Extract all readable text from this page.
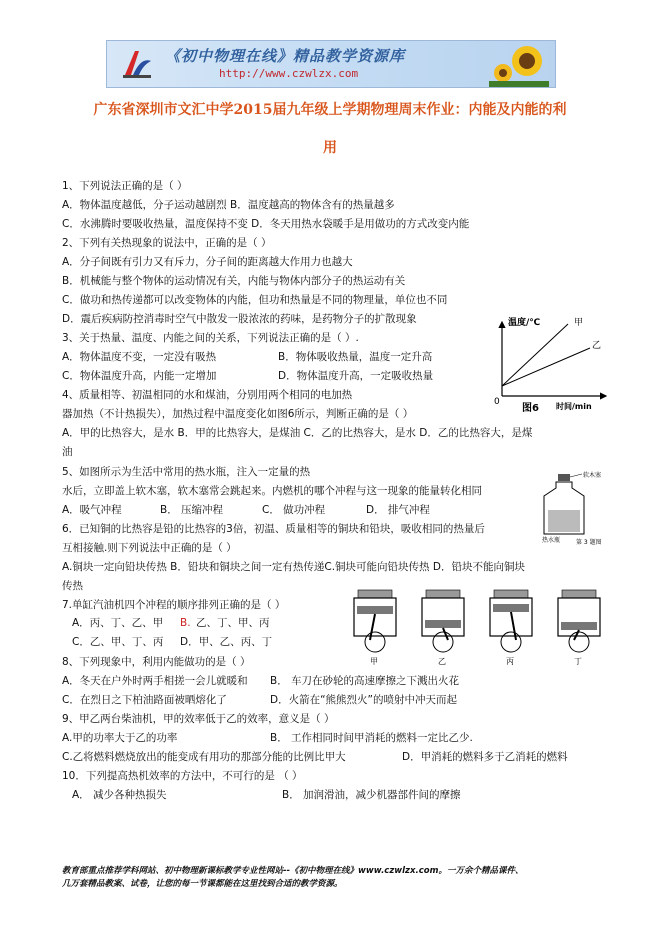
《初中物理在线》精品教学资源库
http://www.czwlzx.com
广东省深圳市文汇中学2015届九年级上学期物理周末作业：内能及内能的利
用
1、下列说法正确的是（ ）
A．物体温度越低，分子运动越剧烈 B．温度越高的物体含有的热量越多
C．水沸腾时要吸收热量，温度保持不变 D．冬天用热水袋暖手是用做功的方式改变内能
2、下列有关热现象的说法中，正确的是（ ）
A．分子间既有引力又有斥力，分子间的距离越大作用力也越大
B．机械能与整个物体的运动情况有关，内能与物体内部分子的热运动有关
C．做功和热传递都可以改变物体的内能，但功和热量是不同的物理量，单位也不同
D．震后疾病防控消毒时空气中散发一股浓浓的药味，是药物分子的扩散现象
3、关于热量、温度、内能之间的关系，下列说法正确的是（ ）.
A．物体温度不变，一定没有吸热	B．物体吸收热量，温度一定升高
C．物体温度升高，内能一定增加	D．物体温度升高，一定吸收热量
4、质量相等、初温相同的水和煤油，分别用两个相同的电加热
器加热（不计热损失），加热过程中温度变化如图6所示，判断正确的是（ ）
A．甲的比热容大，是水 B．甲的比热容大，是煤油 C．乙的比热容大，是水 D．乙的比热容大，是煤
油
温度/℃	甲
乙
0
图6 时间/min
5、如图所示为生活中常用的热水瓶，注入一定量的热
水后，立即盖上软木塞，软木塞常会跳起来。内燃机的哪个冲程与这一现象的能量转化相同
A．吸气冲程	B． 压缩冲程	C． 做功冲程	D． 排气冲程
软木塞
热水瓶	第 3 题图
6．已知铜的比热容是铅的比热容的3倍，初温、质量相等的铜块和铅块，吸收相同的热量后
互相接触.则下列说法中正确的是（ ）
A.铜块一定向铅块传热 B．铅块和铜块之间一定有热传递C.铜块可能向铅块传热 D．铅块不能向铜块
传热
7.单缸汽油机四个冲程的顺序排列正确的是（ ）
A．丙、丁、乙、甲 B. 乙、丁、甲、丙
C．乙、甲、丁、丙 D．甲、乙、丙、丁
甲	乙	丙	丁
8、下列现象中，利用内能做功的是（ ）
A．冬天在户外时两手相搓一会儿就暖和 B． 车刀在砂轮的高速摩擦之下溅出火花
C．在烈日之下柏油路面被晒熔化了	D．火箭在“熊熊烈火”的喷射中冲天而起
9、甲乙两台柴油机，甲的效率低于乙的效率，意义是（ ）
A.甲的功率大于乙的功率	B． 工作相同时间甲消耗的燃料一定比乙少.
C.乙将燃料燃烧放出的能变成有用功的那部分能的比例比甲大	D．甲消耗的燃料多于乙消耗的燃料
10．下列提高热机效率的方法中，不可行的是 （ ）
A． 减少各种热损失	B． 加润滑油，减少机器部件间的摩擦
教育部重点推荐学科网站、初中物理新课标教学专业性网站--《初中物理在线》www.czwlzx.com。一万余个精品课件、
几万套精品教案、试卷，让您的每一节课都能在这里找到合适的教学资源。
